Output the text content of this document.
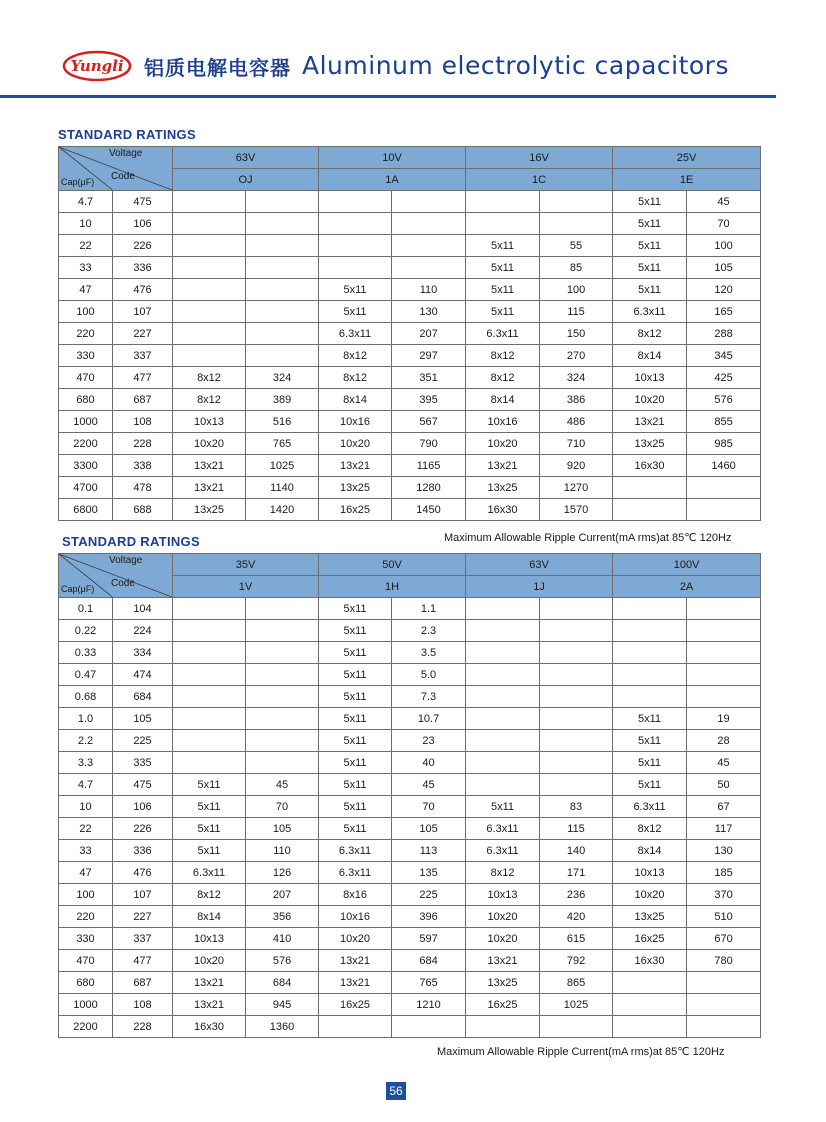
Yungli 铝质电解电容器 Aluminum electrolytic capacitors
STANDARD RATINGS
Voltage
Code
Cap(μF)		63V		10V		16V		25V	
		OJ		1A		1C		1E	
4.7	475							5x11	45
10	106							5x11	70
22	226					5x11	55	5x11	100
33	336					5x11	85	5x11	105
47	476			5x11	110	5x11	100	5x11	120
100	107			5x11	130	5x11	115	6.3x11	165
220	227			6.3x11	207	6.3x11	150	8x12	288
330	337			8x12	297	8x12	270	8x14	345
470	477	8x12	324	8x12	351	8x12	324	10x13	425
680	687	8x12	389	8x14	395	8x14	386	10x20	576
1000	108	10x13	516	10x16	567	10x16	486	13x21	855
2200	228	10x20	765	10x20	790	10x20	710	13x25	985
3300	338	13x21	1025	13x21	1165	13x21	920	16x30	1460
4700	478	13x21	1140	13x25	1280	13x25	1270		
6800	688	13x25	1420	16x25	1450	16x30	1570		
Maximum Allowable Ripple Current(mA rms)at 85℃ 120Hz
STANDARD RATINGS
Voltage
Code
Cap(μF)		35V		50V		63V		100V	
		1V		1H		1J		2A	
0.1	104			5x11	1.1				
0.22	224			5x11	2.3				
0.33	334			5x11	3.5				
0.47	474			5x11	5.0				
0.68	684			5x11	7.3				
1.0	105			5x11	10.7			5x11	19
2.2	225			5x11	23			5x11	28
3.3	335			5x11	40			5x11	45
4.7	475	5x11	45	5x11	45			5x11	50
10	106	5x11	70	5x11	70	5x11	83	6.3x11	67
22	226	5x11	105	5x11	105	6.3x11	115	8x12	117
33	336	5x11	110	6.3x11	113	6.3x11	140	8x14	130
47	476	6.3x11	126	6.3x11	135	8x12	171	10x13	185
100	107	8x12	207	8x16	225	10x13	236	10x20	370
220	227	8x14	356	10x16	396	10x20	420	13x25	510
330	337	10x13	410	10x20	597	10x20	615	16x25	670
470	477	10x20	576	13x21	684	13x21	792	16x30	780
680	687	13x21	684	13x21	765	13x25	865		
1000	108	13x21	945	16x25	1210	16x25	1025		
2200	228	16x30	1360						
Maximum Allowable Ripple Current(mA rms)at 85℃ 120Hz
56
